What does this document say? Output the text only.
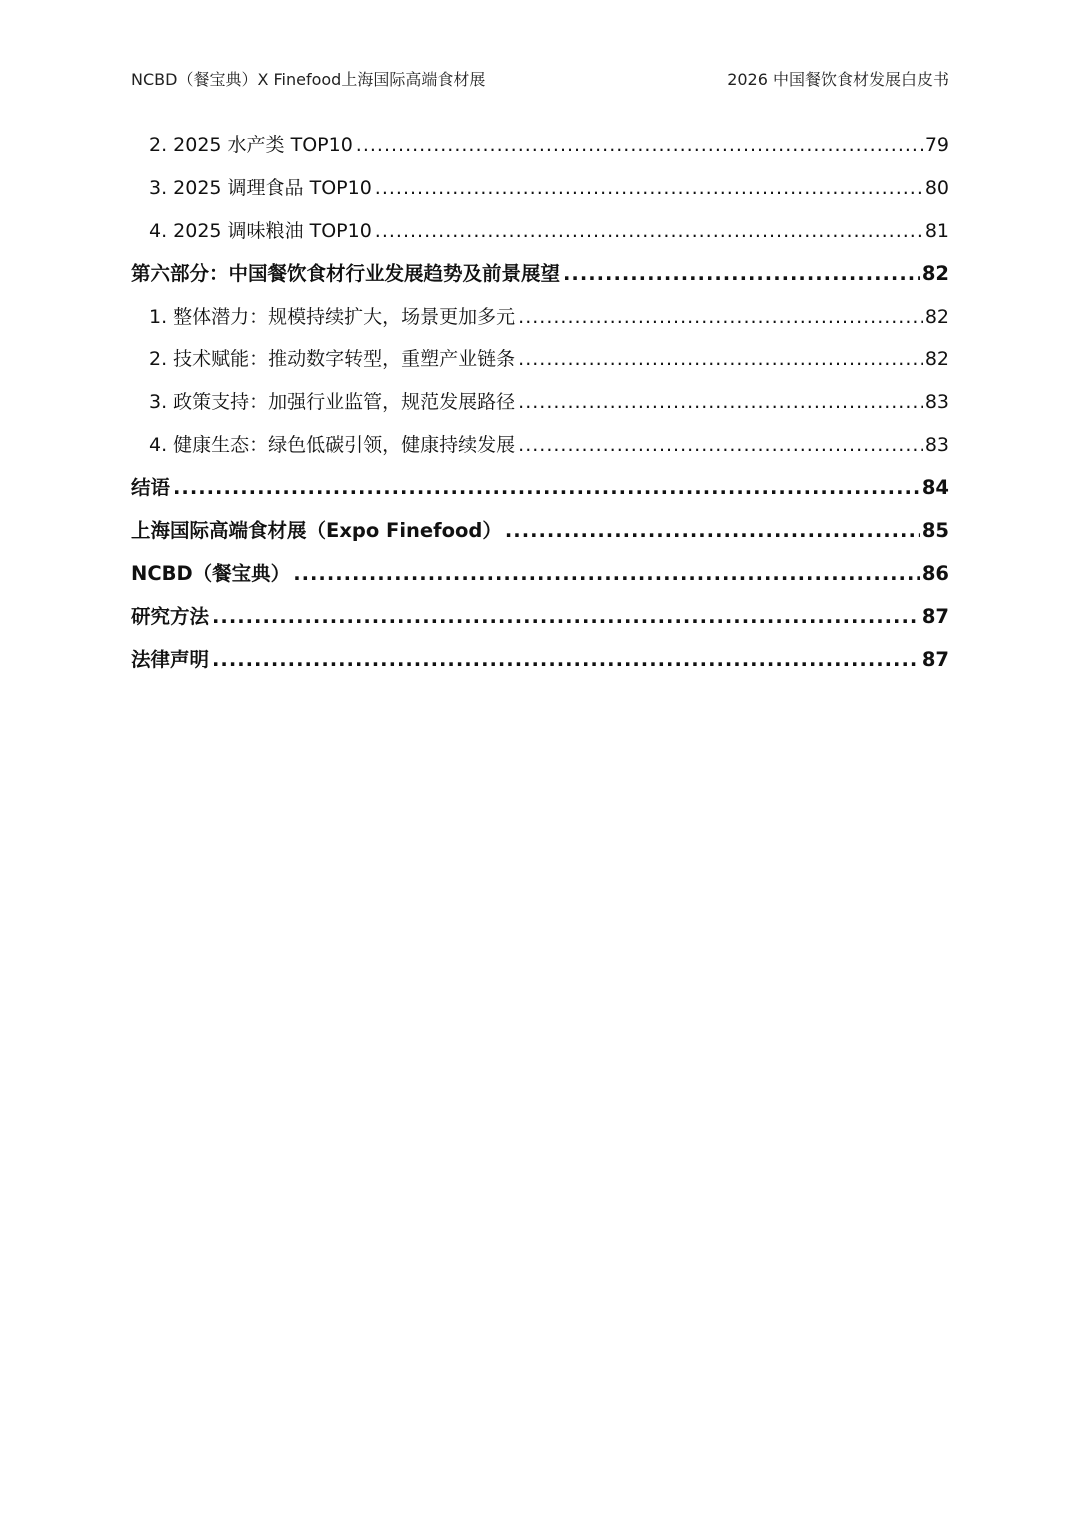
NCBD（餐宝典）X Finefood上海国际高端食材展	2026 中国餐饮食材发展白皮书
2. 2025 水产类 TOP10 .....	79
3. 2025 调理食品 TOP10 .....	80
4. 2025 调味粮油 TOP10 .....	81
第六部分：中国餐饮食材行业发展趋势及前景展望 .....	82
1. 整体潜力：规模持续扩大，场景更加多元 .....	82
2. 技术赋能：推动数字转型，重塑产业链条 .....	82
3. 政策支持：加强行业监管，规范发展路径 .....	83
4. 健康生态：绿色低碳引领，健康持续发展 .....	83
结语 .....	84
上海国际高端食材展（Expo Finefood） .....	85
NCBD（餐宝典） .....	86
研究方法 .....	87
法律声明 .....	87
